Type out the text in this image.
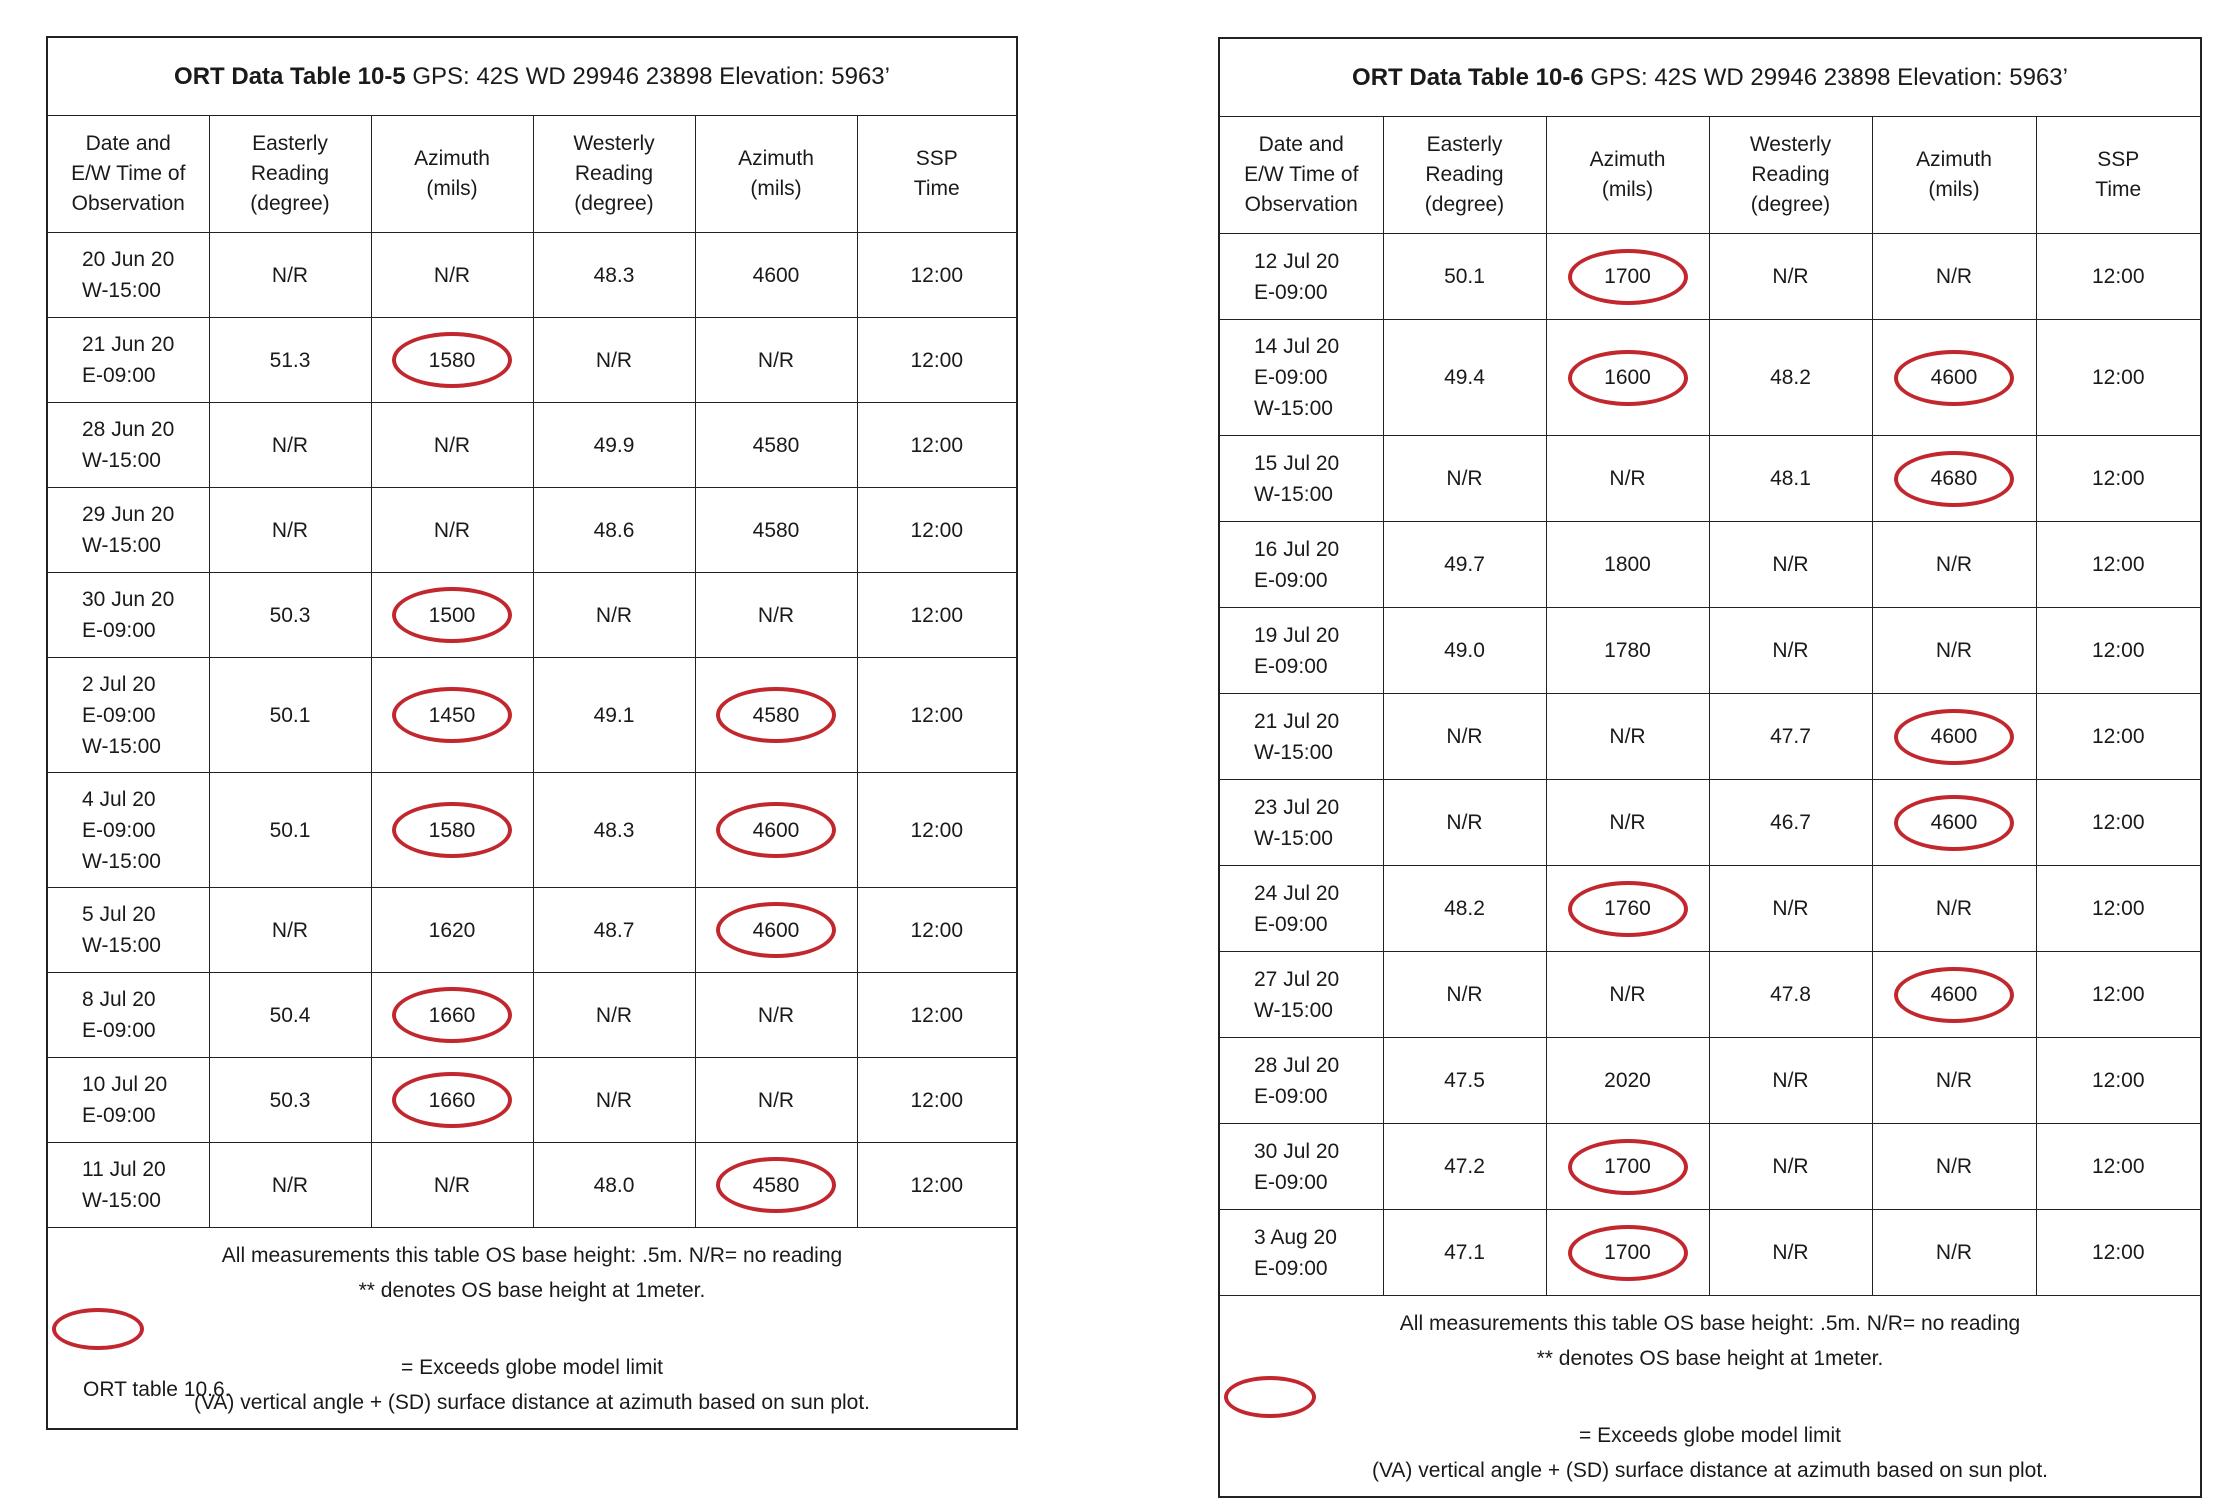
ORT Data Table 10-5 GPS: 42S WD 29946 23898 Elevation: 5963’					
Date and
E/W Time of
Observation	Easterly
Reading
(degree)	Azimuth
(mils)	Westerly
Reading
(degree)	Azimuth
(mils)	SSP
Time

20 Jun 20
W-15:00	N/R	N/R	48.3	4600	12:00

21 Jun 20
E-09:00	51.3	1580	N/R	N/R	12:00

28 Jun 20
W-15:00	N/R	N/R	49.9	4580	12:00

29 Jun 20
W-15:00	N/R	N/R	48.6	4580	12:00

30 Jun 20
E-09:00	50.3	1500	N/R	N/R	12:00

2 Jul 20
E-09:00
W-15:00	50.1	1450	49.1	4580	12:00

4 Jul 20
E-09:00
W-15:00	50.1	1580	48.3	4600	12:00

5 Jul 20
W-15:00	N/R	1620	48.7	4600	12:00

8 Jul 20
E-09:00	50.4	1660	N/R	N/R	12:00

10 Jul 20
E-09:00	50.3	1660	N/R	N/R	12:00

11 Jul 20
W-15:00	N/R	N/R	48.0	4580	12:00

All measurements this table OS base height: .5m. N/R= no reading
** denotes OS base height at 1meter.
= Exceeds globe model limit
(VA) vertical angle + (SD) surface distance at azimuth based on sun plot.					
ORT Data Table 10-6 GPS: 42S WD 29946 23898 Elevation: 5963’					
Date and
E/W Time of
Observation	Easterly
Reading
(degree)	Azimuth
(mils)	Westerly
Reading
(degree)	Azimuth
(mils)	SSP
Time

12 Jul 20
E-09:00	50.1	1700	N/R	N/R	12:00

14 Jul 20
E-09:00
W-15:00	49.4	1600	48.2	4600	12:00

15 Jul 20
W-15:00	N/R	N/R	48.1	4680	12:00

16 Jul 20
E-09:00	49.7	1800	N/R	N/R	12:00

19 Jul 20
E-09:00	49.0	1780	N/R	N/R	12:00

21 Jul 20
W-15:00	N/R	N/R	47.7	4600	12:00

23 Jul 20
W-15:00	N/R	N/R	46.7	4600	12:00

24 Jul 20
E-09:00	48.2	1760	N/R	N/R	12:00

27 Jul 20
W-15:00	N/R	N/R	47.8	4600	12:00

28 Jul 20
E-09:00	47.5	2020	N/R	N/R	12:00

30 Jul 20
E-09:00	47.2	1700	N/R	N/R	12:00

3 Aug 20
E-09:00	47.1	1700	N/R	N/R	12:00

All measurements this table OS base height: .5m. N/R= no reading
** denotes OS base height at 1meter.
= Exceeds globe model limit
(VA) vertical angle + (SD) surface distance at azimuth based on sun plot.					
ORT table 10.6.
